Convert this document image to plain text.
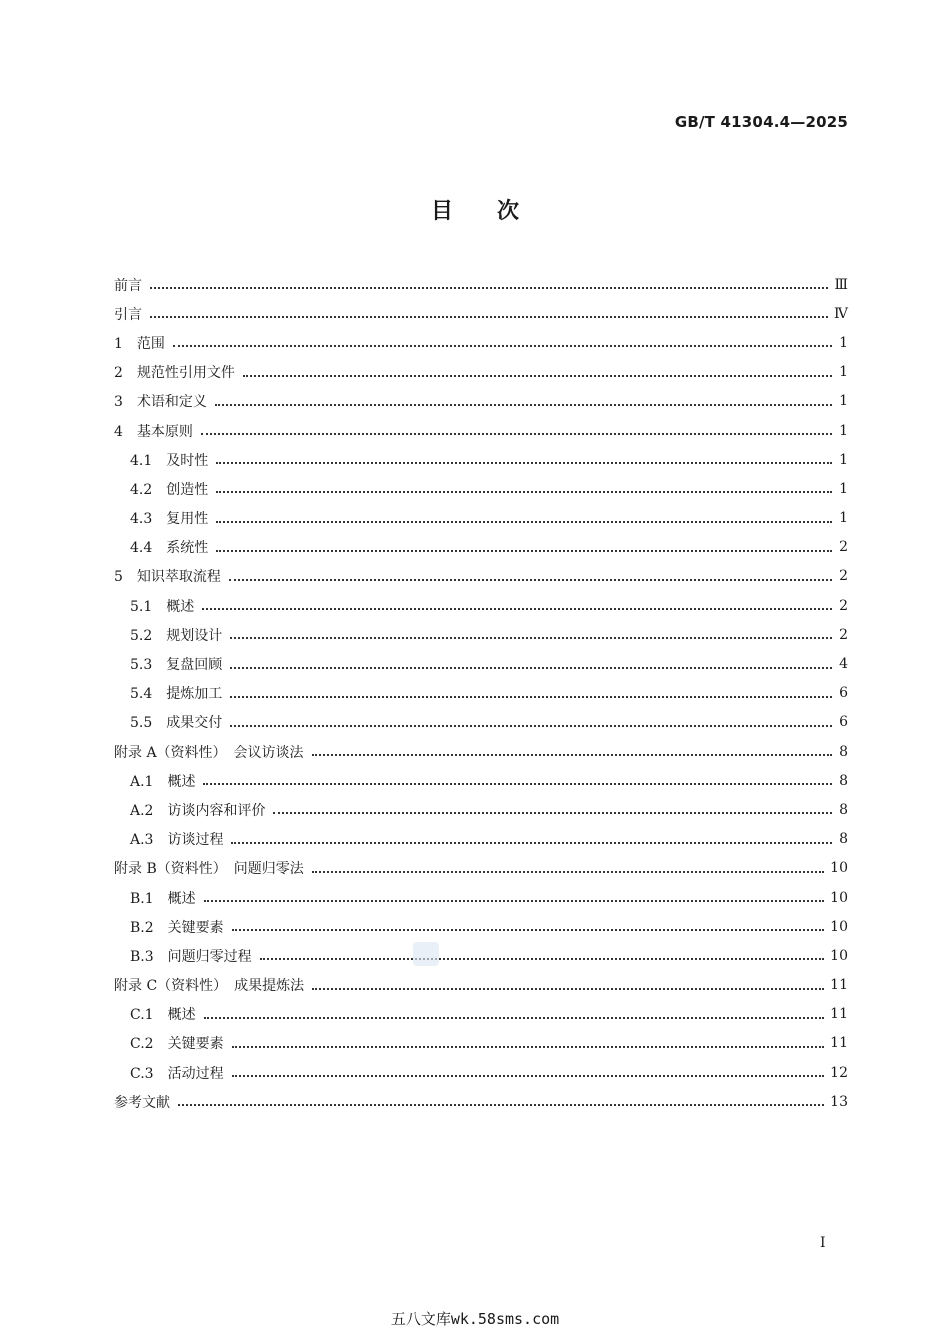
GB/T 41304.4—2025
目　　次
前言	Ⅲ
引言	Ⅳ
1　 范围	1
2　 规范性引用文件	1
3　 术语和定义	1
4　 基本原则	1
4.1　 及时性	1
4.2　 创造性	1
4.3　 复用性	1
4.4　 系统性	2
5　 知识萃取流程	2
5.1　 概述	2
5.2　 规划设计	2
5.3　 复盘回顾	4
5.4　 提炼加工	6
5.5　 成果交付	6
附录 A（资料性）　会议访谈法	8
A.1　 概述	8
A.2　 访谈内容和评价	8
A.3　 访谈过程	8
附录 B（资料性）　问题归零法	10
B.1　 概述	10
B.2　 关键要素	10
B.3　 问题归零过程	10
附录 C（资料性）　成果提炼法	11
C.1　 概述	11
C.2　 关键要素	11
C.3　 活动过程	12
参考文献	13
Ⅰ
五八文库wk.58sms.com
